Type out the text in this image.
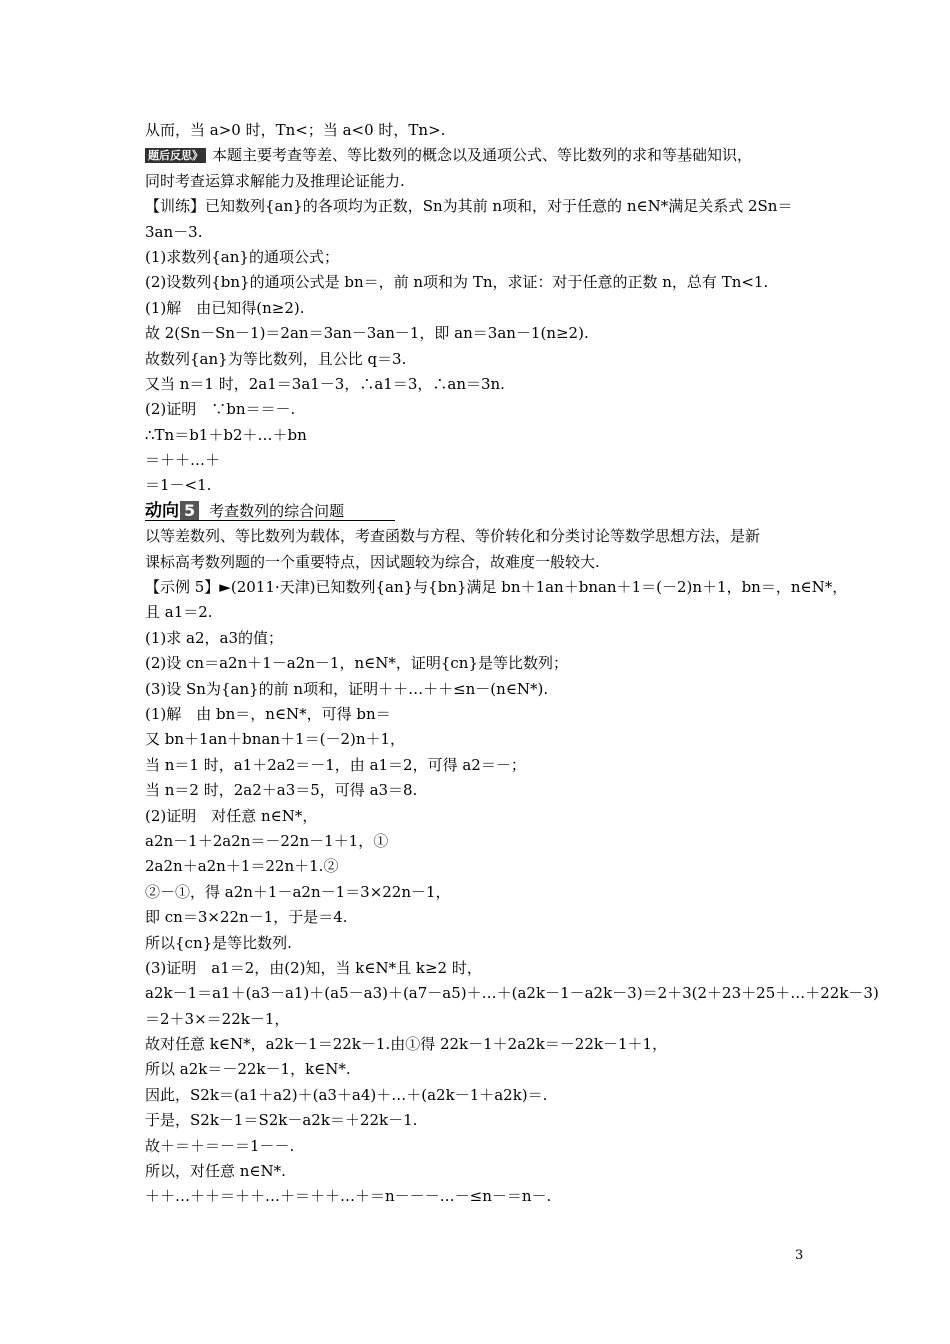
从而，当 a>0 时，Tn<；当 a<0 时，Tn>.
题后反思》 本题主要考查等差、等比数列的概念以及通项公式、等比数列的求和等基础知识，
同时考查运算求解能力及推理论证能力.
【训练】已知数列{an}的各项均为正数，Sn为其前 n项和，对于任意的 n∈N*满足关系式 2Sn＝
3an－3.
(1)求数列{an}的通项公式；
(2)设数列{bn}的通项公式是 bn＝，前 n项和为 Tn，求证：对于任意的正数 n，总有 Tn<1.
(1)解　由已知得(n≥2).
故 2(Sn－Sn－1)＝2an＝3an－3an－1，即 an＝3an－1(n≥2).
故数列{an}为等比数列，且公比 q＝3.
又当 n＝1 时，2a1＝3a1－3，∴a1＝3，∴an＝3n.
(2)证明　∵bn＝＝－.
∴Tn＝b1＋b2＋…＋bn
＝＋＋…＋
＝1－<1.
动向 5 考查数列的综合问题
以等差数列、等比数列为载体，考查函数与方程、等价转化和分类讨论等数学思想方法，是新
课标高考数列题的一个重要特点，因试题较为综合，故难度一般较大.
【示例 5】►(2011·天津)已知数列{an}与{bn}满足 bn＋1an＋bnan＋1＝(－2)n＋1，bn＝，n∈N*，
且 a1＝2.
(1)求 a2，a3的值；
(2)设 cn＝a2n＋1－a2n－1，n∈N*，证明{cn}是等比数列；
(3)设 Sn为{an}的前 n项和，证明＋＋…＋＋≤n－(n∈N*).
(1)解　由 bn＝，n∈N*，可得 bn＝
又 bn＋1an＋bnan＋1＝(－2)n＋1，
当 n＝1 时，a1＋2a2＝－1，由 a1＝2，可得 a2＝－；
当 n＝2 时，2a2＋a3＝5，可得 a3＝8.
(2)证明　对任意 n∈N*，
a2n－1＋2a2n＝－22n－1＋1，①
2a2n＋a2n＋1＝22n＋1.②
②－①，得 a2n＋1－a2n－1＝3×22n－1，
即 cn＝3×22n－1，于是＝4.
所以{cn}是等比数列.
(3)证明　a1＝2，由(2)知，当 k∈N*且 k≥2 时，
a2k－1＝a1＋(a3－a1)＋(a5－a3)＋(a7－a5)＋…＋(a2k－1－a2k－3)＝2＋3(2＋23＋25＋…＋22k－3)
＝2＋3×＝22k－1，
故对任意 k∈N*，a2k－1＝22k－1.由①得 22k－1＋2a2k＝－22k－1＋1，
所以 a2k＝－22k－1，k∈N*.
因此，S2k＝(a1＋a2)＋(a3＋a4)＋…＋(a2k－1＋a2k)＝.
于是，S2k－1＝S2k－a2k＝＋22k－1.
故＋＝＋＝－＝1－－.
所以，对任意 n∈N*.
＋＋…＋＋＝＋＋…＋＝＋＋…＋＝n－－－…－≤n－＝n－.
3
